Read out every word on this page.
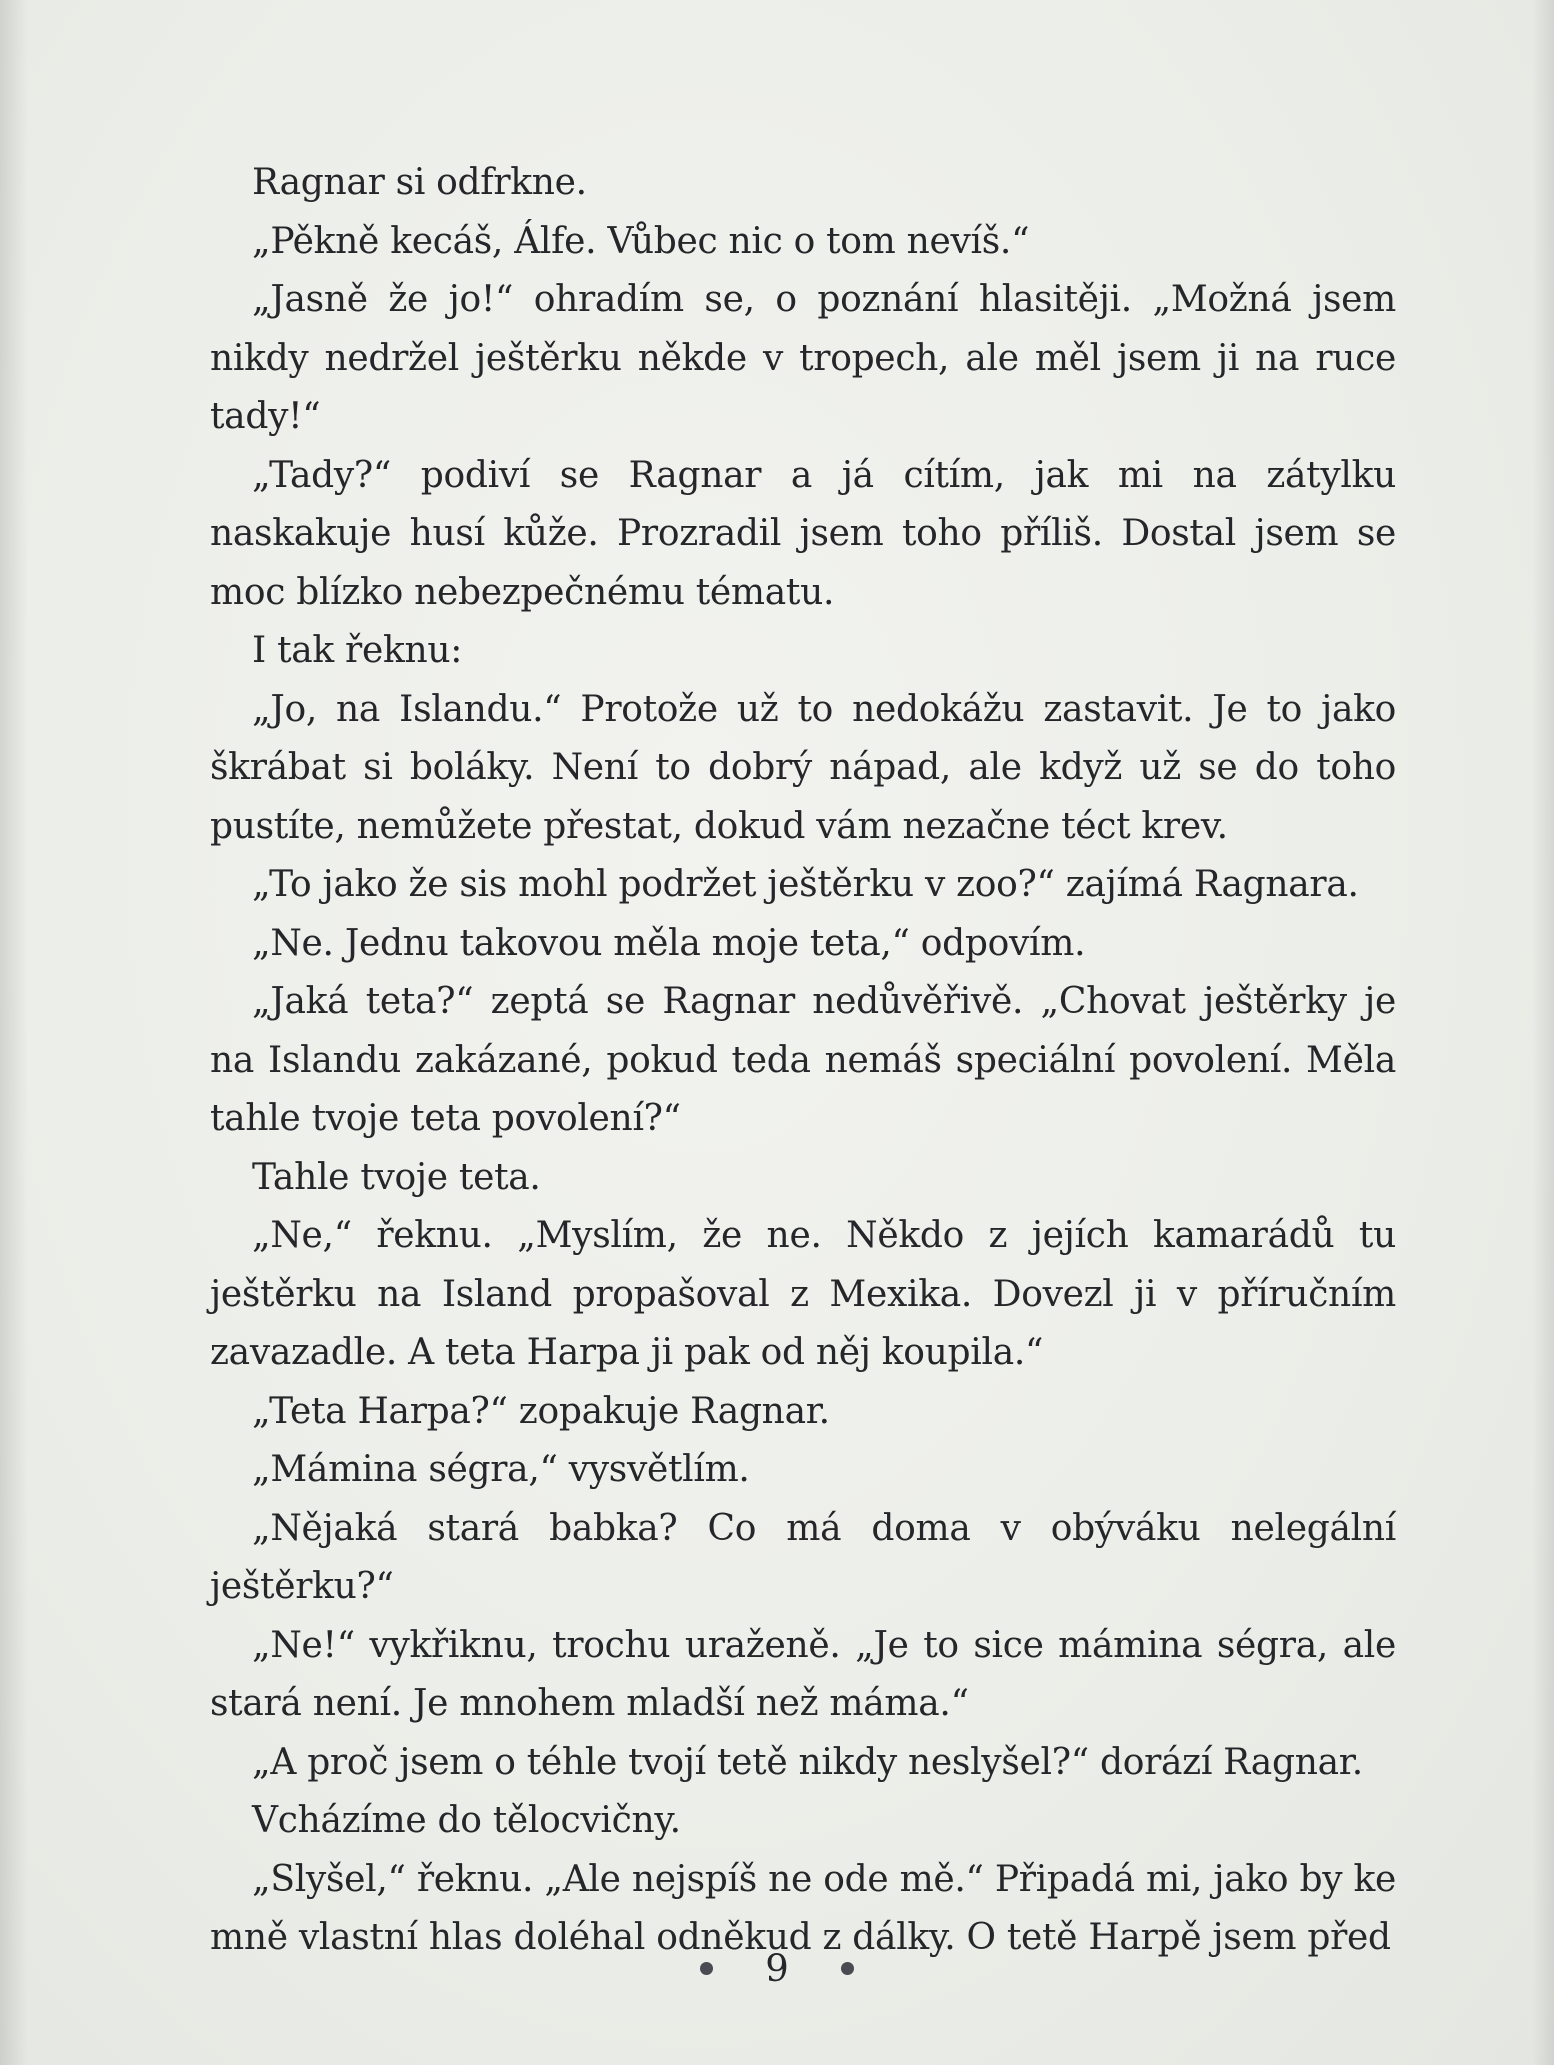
Ragnar si odfrkne.

„Pěkně kecáš, Álfe. Vůbec nic o tom nevíš.“

„Jasně že jo!“ ohradím se, o poznání hlasitěji. „Možná jsem nikdy nedržel ještěrku někde v tropech, ale měl jsem ji na ruce tady!“

„Tady?“ podiví se Ragnar a já cítím, jak mi na zátylku naskakuje husí kůže. Prozradil jsem toho příliš. Dostal jsem se moc blízko nebezpečnému tématu.

I tak řeknu:

„Jo, na Islandu.“ Protože už to nedokážu zastavit. Je to jako škrábat si boláky. Není to dobrý nápad, ale když už se do toho pustíte, nemůžete přestat, dokud vám nezačne téct krev.

„To jako že sis mohl podržet ještěrku v zoo?“ zajímá Ragnara.

„Ne. Jednu takovou měla moje teta,“ odpovím.

„Jaká teta?“ zeptá se Ragnar nedůvěřivě. „Chovat ještěrky je na Islandu zakázané, pokud teda nemáš speciální povolení. Měla tahle tvoje teta povolení?“

Tahle tvoje teta.

„Ne,“ řeknu. „Myslím, že ne. Někdo z jejích kamarádů tu ještěrku na Island propašoval z Mexika. Dovezl ji v příručním zavazadle. A teta Harpa ji pak od něj koupila.“

„Teta Harpa?“ zopakuje Ragnar.

„Mámina ségra,“ vysvětlím.

„Nějaká stará babka? Co má doma v obýváku nelegální ještěrku?“

„Ne!“ vykřiknu, trochu uraženě. „Je to sice mámina ségra, ale stará není. Je mnohem mladší než máma.“

„A proč jsem o téhle tvojí tetě nikdy neslyšel?“ dorází Ragnar.

Vcházíme do tělocvičny.

„Slyšel,“ řeknu. „Ale nejspíš ne ode mě.“ Připadá mi, jako by ke mně vlastní hlas doléhal odněkud z dálky. O tetě Harpě jsem před

9
